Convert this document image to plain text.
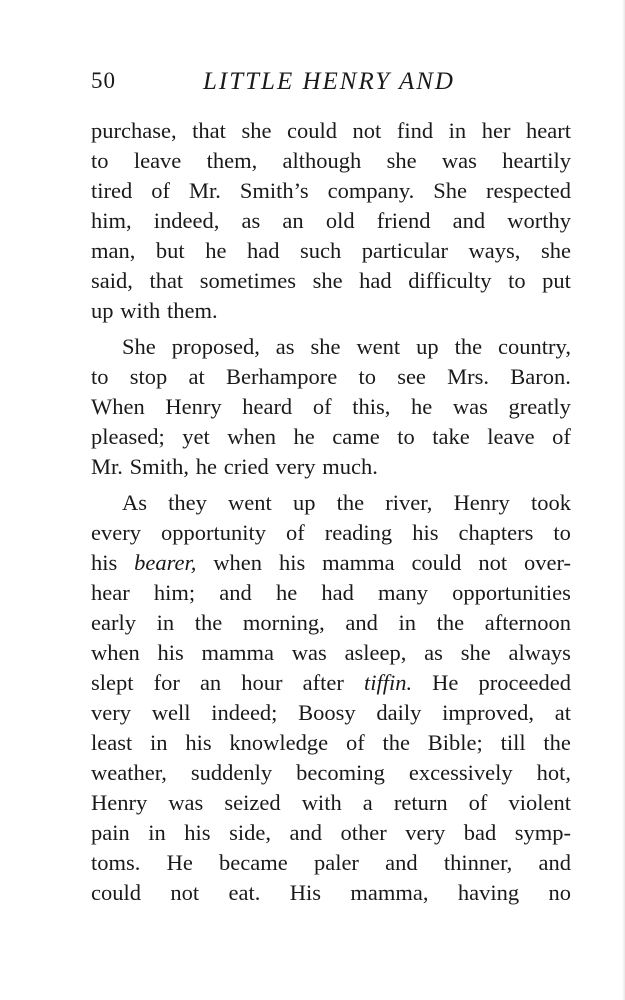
50	LITTLE HENRY AND
purchase, that she could not find in her heart
to leave them, although she was heartily
tired of Mr. Smith’s company. She respected
him, indeed, as an old friend and worthy
man, but he had such particular ways, she
said, that sometimes she had difficulty to put
up with them.
She proposed, as she went up the country,
to stop at Berhampore to see Mrs. Baron.
When Henry heard of this, he was greatly
pleased; yet when he came to take leave of
Mr. Smith, he cried very much.
As they went up the river, Henry took
every opportunity of reading his chapters to
his bearer, when his mamma could not over-
hear him; and he had many opportunities
early in the morning, and in the afternoon
when his mamma was asleep, as she always
slept for an hour after tiffin. He proceeded
very well indeed; Boosy daily improved, at
least in his knowledge of the Bible; till the
weather, suddenly becoming excessively hot,
Henry was seized with a return of violent
pain in his side, and other very bad symp-
toms. He became paler and thinner, and
could not eat. His mamma, having no
